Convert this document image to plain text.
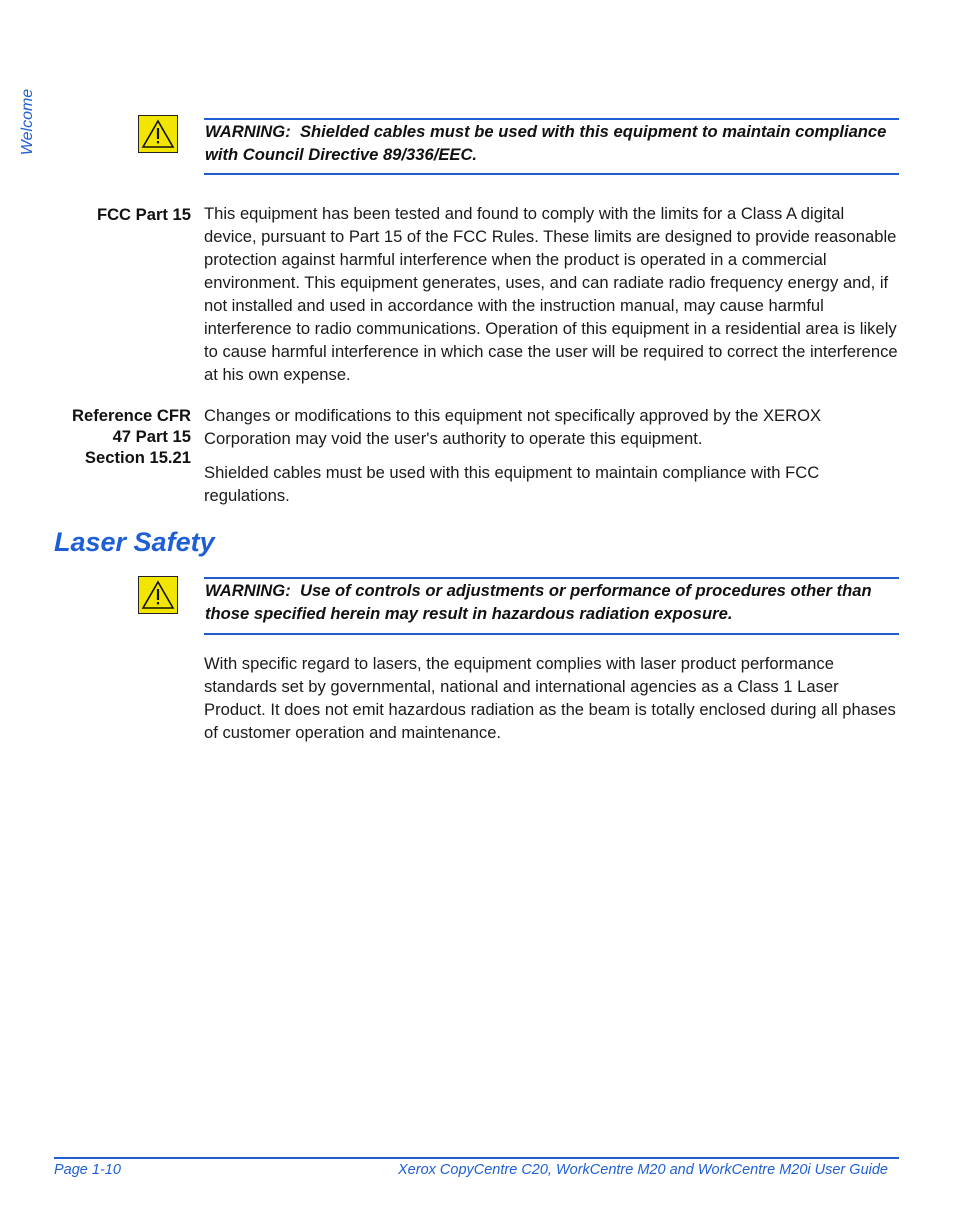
Welcome	WARNING: Shielded cables must be used with this equipment to maintain compliance with Council Directive 89/336/EEC.
FCC Part 15 This equipment has been tested and found to comply with the limits for a Class A digital device, pursuant to Part 15 of the FCC Rules. These limits are designed to provide reasonable protection against harmful interference when the product is operated in a commercial environment. This equipment generates, uses, and can radiate radio frequency energy and, if not installed and used in accordance with the instruction manual, may cause harmful interference to radio communications. Operation of this equipment in a residential area is likely to cause harmful interference in which case the user will be required to correct the interference at his own expense.
Reference CFR
47 Part 15
Section 15.21
Changes or modifications to this equipment not specifically approved by the XEROX Corporation may void the user's authority to operate this equipment.
Shielded cables must be used with this equipment to maintain compliance with FCC regulations.
Laser Safety
WARNING: Use of controls or adjustments or performance of procedures other than those specified herein may result in hazardous radiation exposure.
With specific regard to lasers, the equipment complies with laser product performance standards set by governmental, national and international agencies as a Class 1 Laser Product. It does not emit hazardous radiation as the beam is totally enclosed during all phases of customer operation and maintenance.
Page 1-10	Xerox CopyCentre C20, WorkCentre M20 and WorkCentre M20i User Guide
